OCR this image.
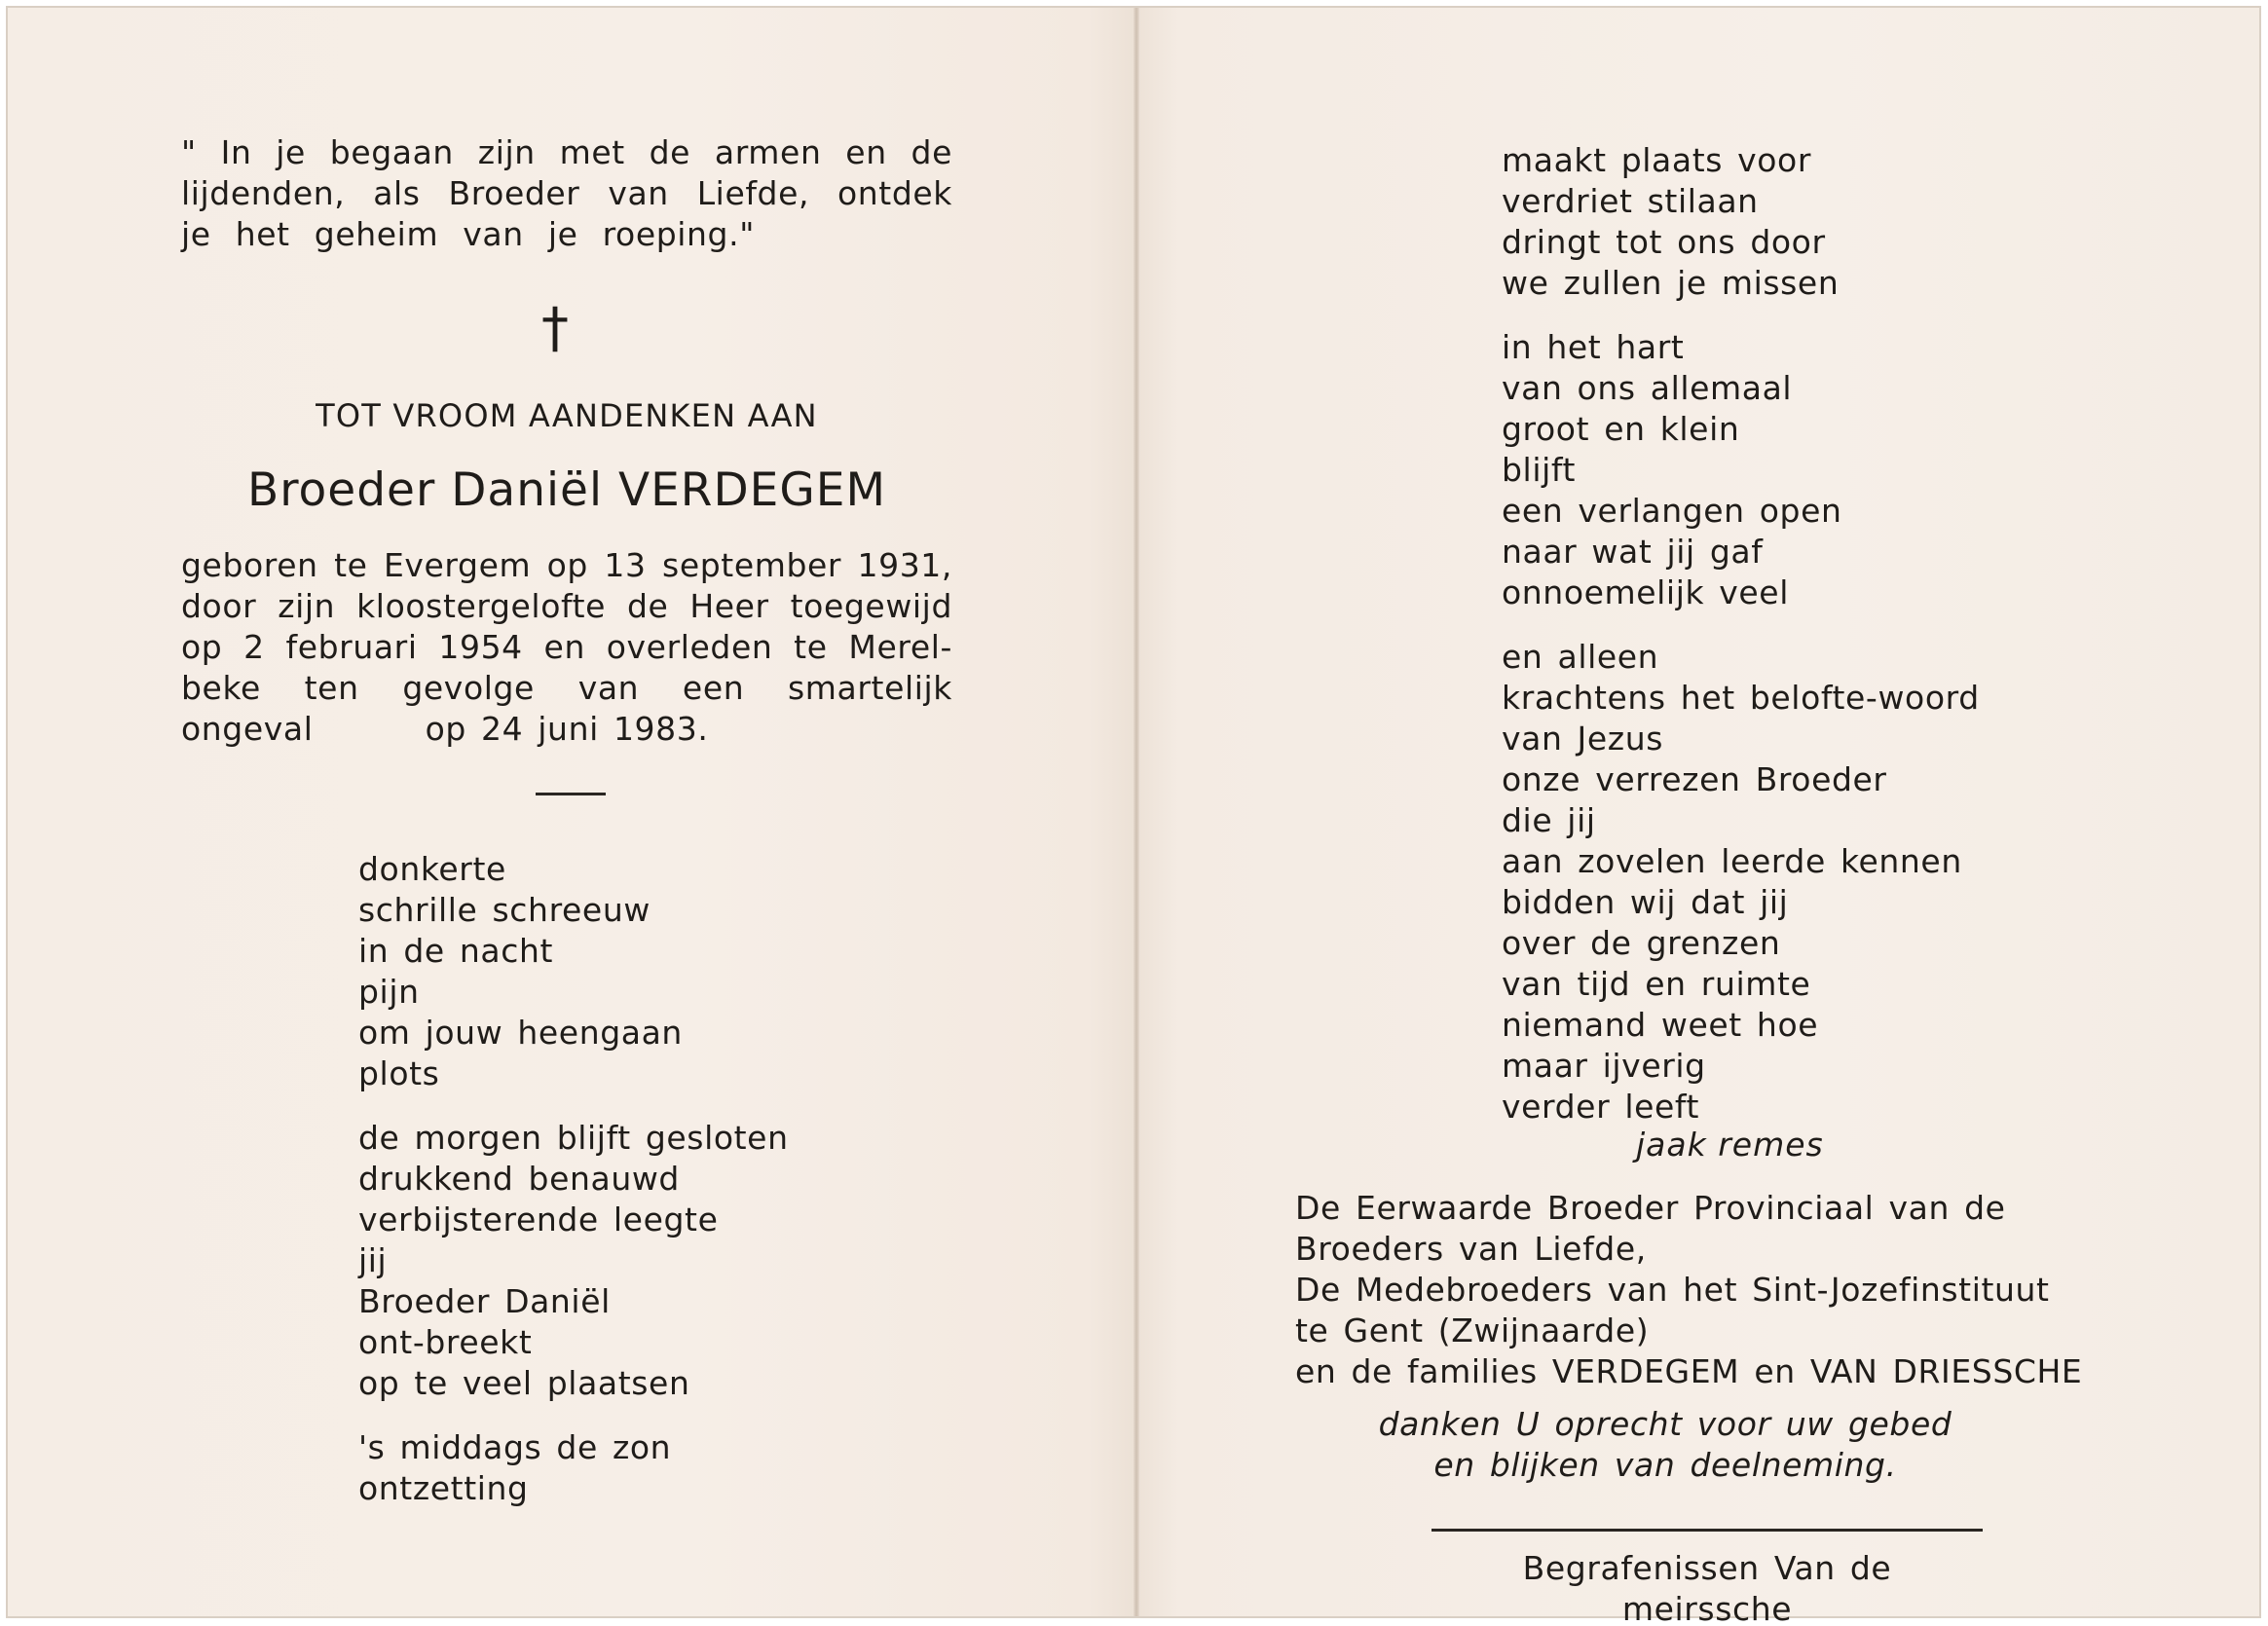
" In je begaan zijn met de armen en de
lijdenden, als Broeder van Liefde, ontdek
je het geheim van je roeping."
†
TOT VROOM AANDENKEN AAN
Broeder Daniël VERDEGEM
geboren te Evergem op 13 september 1931,
door zijn kloostergelofte de Heer toegewijd
op 2 februari 1954 en overleden te Merel-
beke ten gevolge van een smartelijk ongeval	op 24 juni 1983.
donkerte
schrille schreeuw
in de nacht
pijn
om jouw heengaan
plots
de morgen blijft gesloten
drukkend benauwd
verbijsterende leegte
jij
Broeder Daniël
ont-breekt
op te veel plaatsen
's middags de zon
ontzetting
maakt plaats voor
verdriet stilaan
dringt tot ons door
we zullen je missen
in het hart
van ons allemaal
groot en klein
blijft
een verlangen open
naar wat jij gaf
onnoemelijk veel
en alleen
krachtens het belofte-woord
van Jezus
onze verrezen Broeder
die jij
aan zovelen leerde kennen
bidden wij dat jij
over de grenzen
van tijd en ruimte
niemand weet hoe
maar ijverig
verder leeft
jaak remes
De Eerwaarde Broeder Provinciaal van de
Broeders van Liefde,
De Medebroeders van het Sint-Jozefinstituut
te Gent (Zwijnaarde)
en de families VERDEGEM en VAN DRIESSCHE
danken U oprecht voor uw gebed
en blijken van deelneming.
Begrafenissen Van de meirssche
